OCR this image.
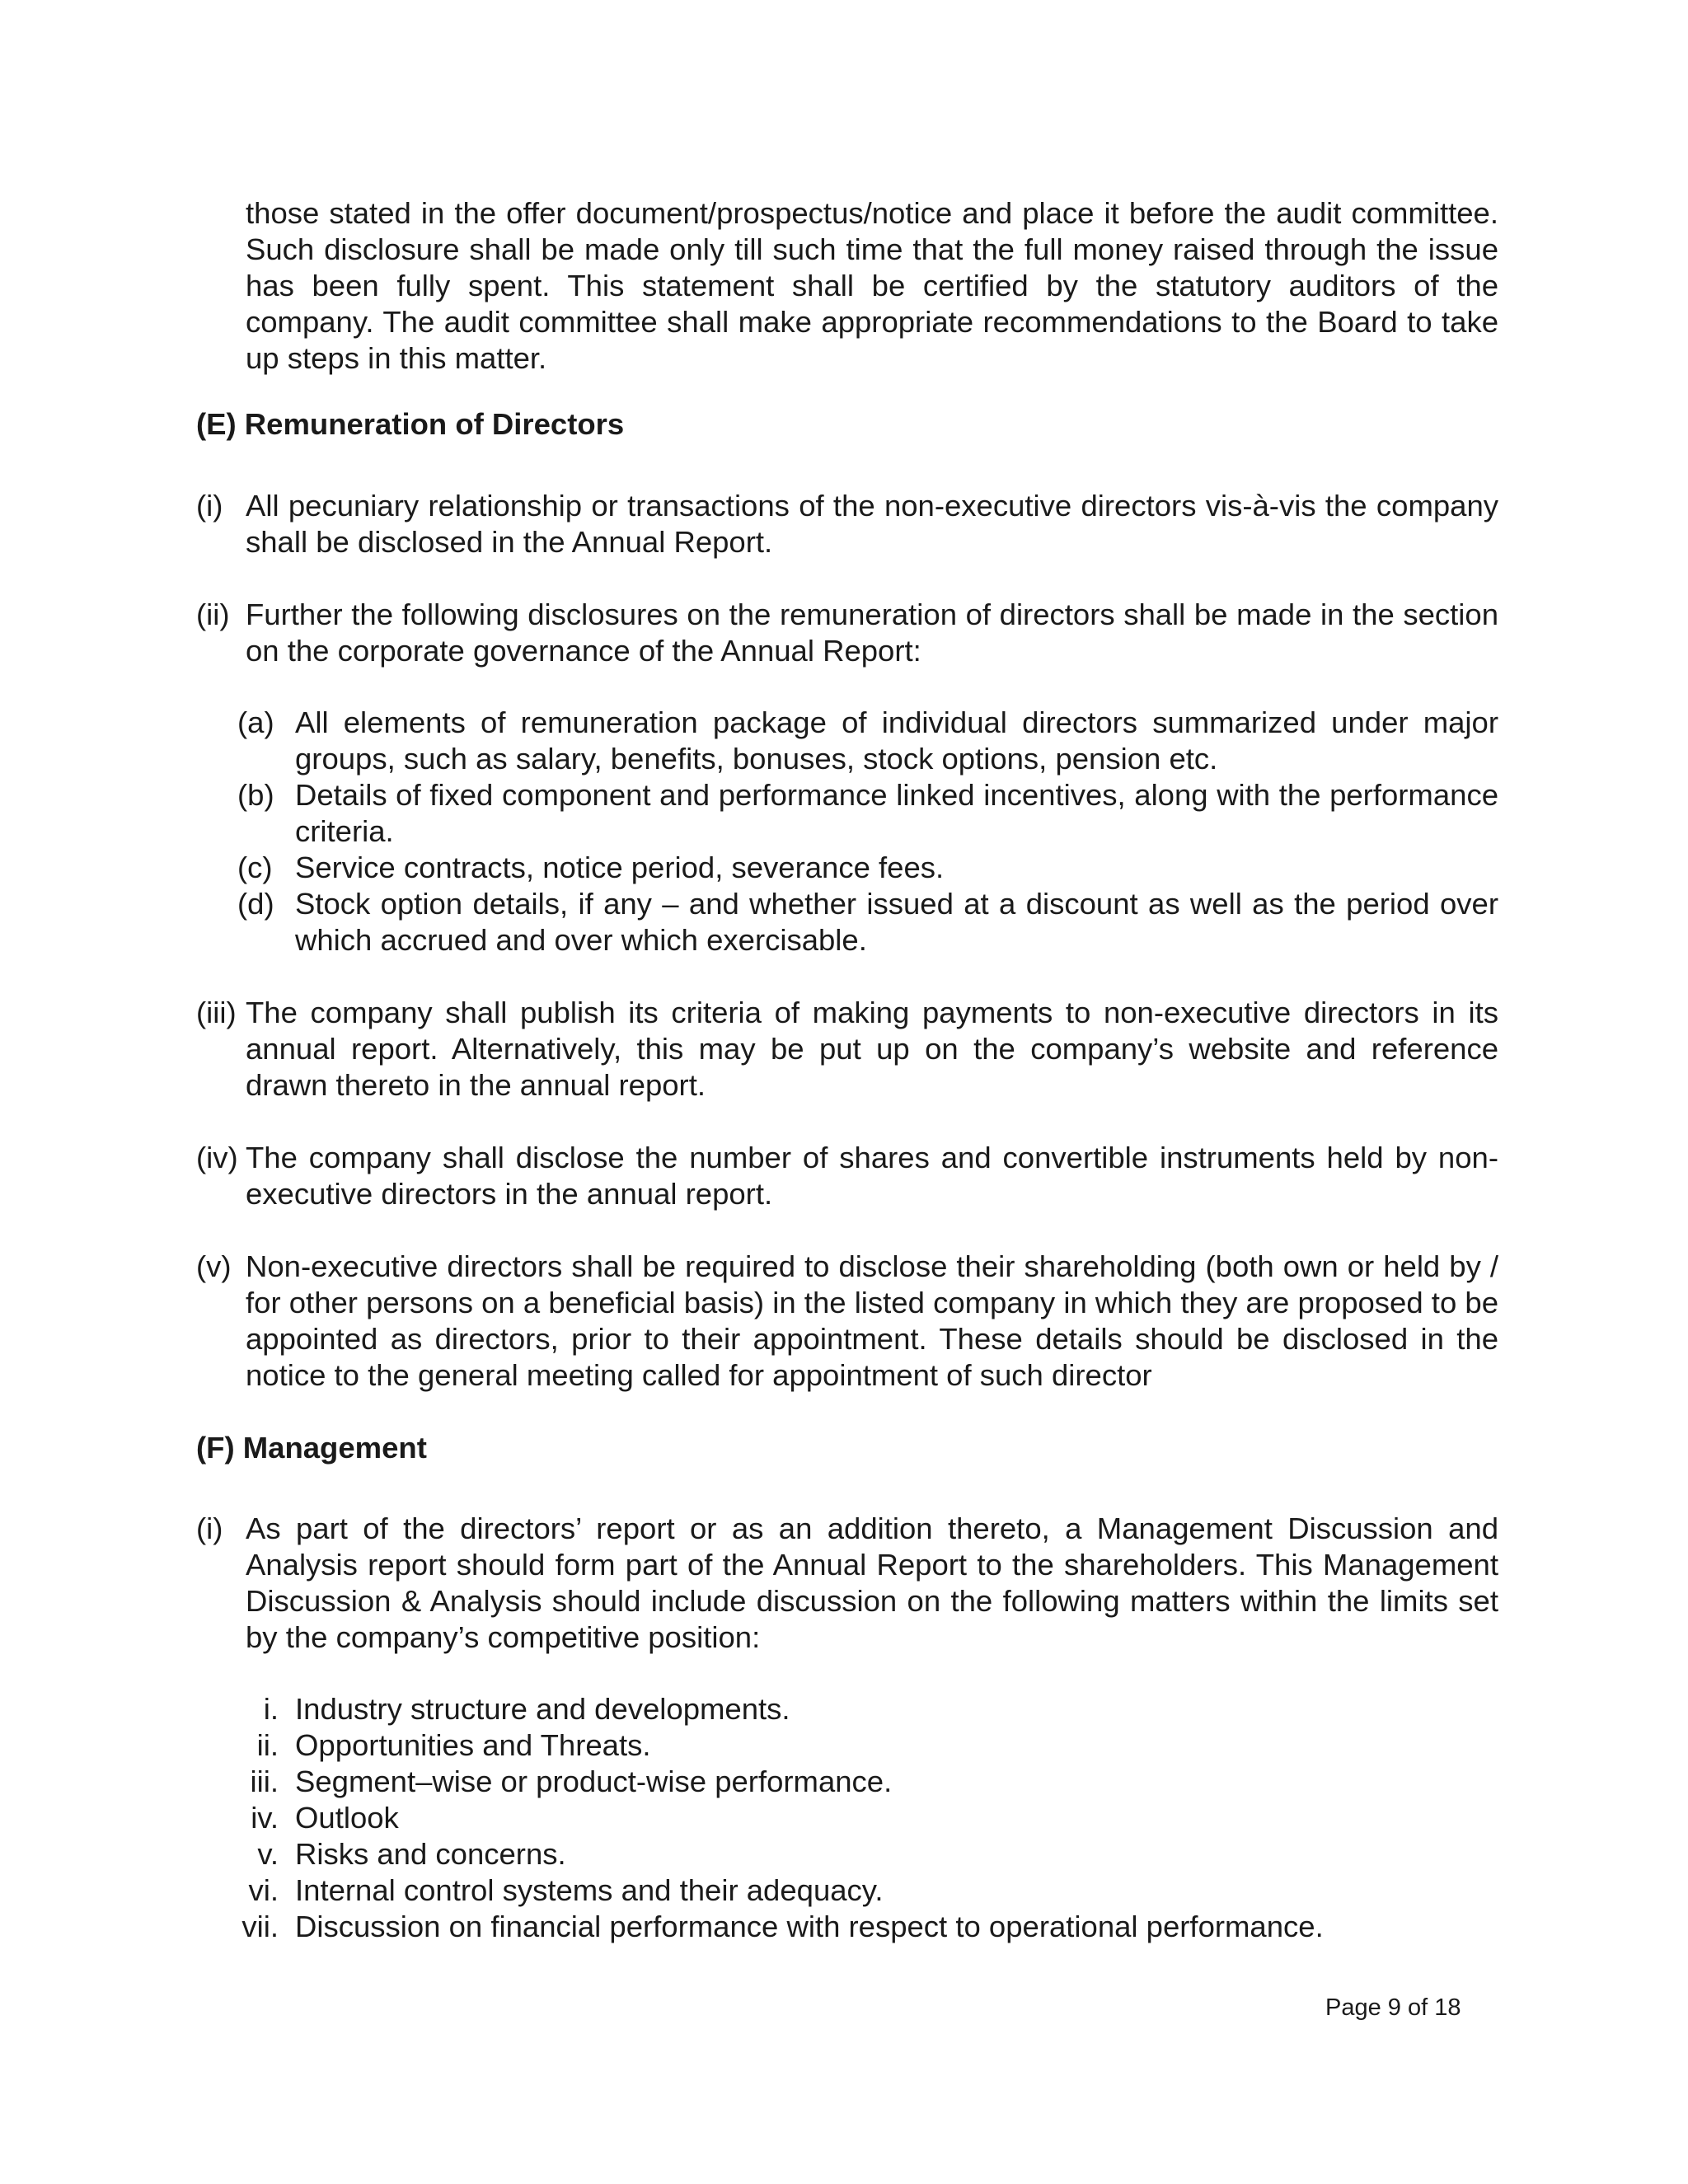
those stated in the offer document/prospectus/notice and place it before the audit committee. Such disclosure shall be made only till such time that the full money raised through the issue has been fully spent. This statement shall be certified by the statutory auditors of the company. The audit committee shall make appropriate recommendations to the Board to take up steps in this matter.

(E) Remuneration of Directors
(i) All pecuniary relationship or transactions of the non-executive directors vis-à-vis the company shall be disclosed in the Annual Report.
(ii) Further the following disclosures on the remuneration of directors shall be made in the section on the corporate governance of the Annual Report:
(a) All elements of remuneration package of individual directors summarized under major groups, such as salary, benefits, bonuses, stock options, pension etc.
(b) Details of fixed component and performance linked incentives, along with the performance criteria.
(c) Service contracts, notice period, severance fees.
(d) Stock option details, if any – and whether issued at a discount as well as the period over which accrued and over which exercisable.
(iii) The company shall publish its criteria of making payments to non-executive directors in its annual report. Alternatively, this may be put up on the company’s website and reference drawn thereto in the annual report.
(iv) The company shall disclose the number of shares and convertible instruments held by non-executive directors in the annual report.
(v) Non-executive directors shall be required to disclose their shareholding (both own or held by / for other persons on a beneficial basis) in the listed company in which they are proposed to be appointed as directors, prior to their appointment. These details should be disclosed in the notice to the general meeting called for appointment of such director
(F) Management
(i) As part of the directors’ report or as an addition thereto, a Management Discussion and Analysis report should form part of the Annual Report to the shareholders. This Management Discussion & Analysis should include discussion on the following matters within the limits set by the company’s competitive position:
i. Industry structure and developments.
ii. Opportunities and Threats.
iii. Segment–wise or product-wise performance.
iv. Outlook
v. Risks and concerns.
vi. Internal control systems and their adequacy.
vii. Discussion on financial performance with respect to operational performance.
Page 9 of 18
